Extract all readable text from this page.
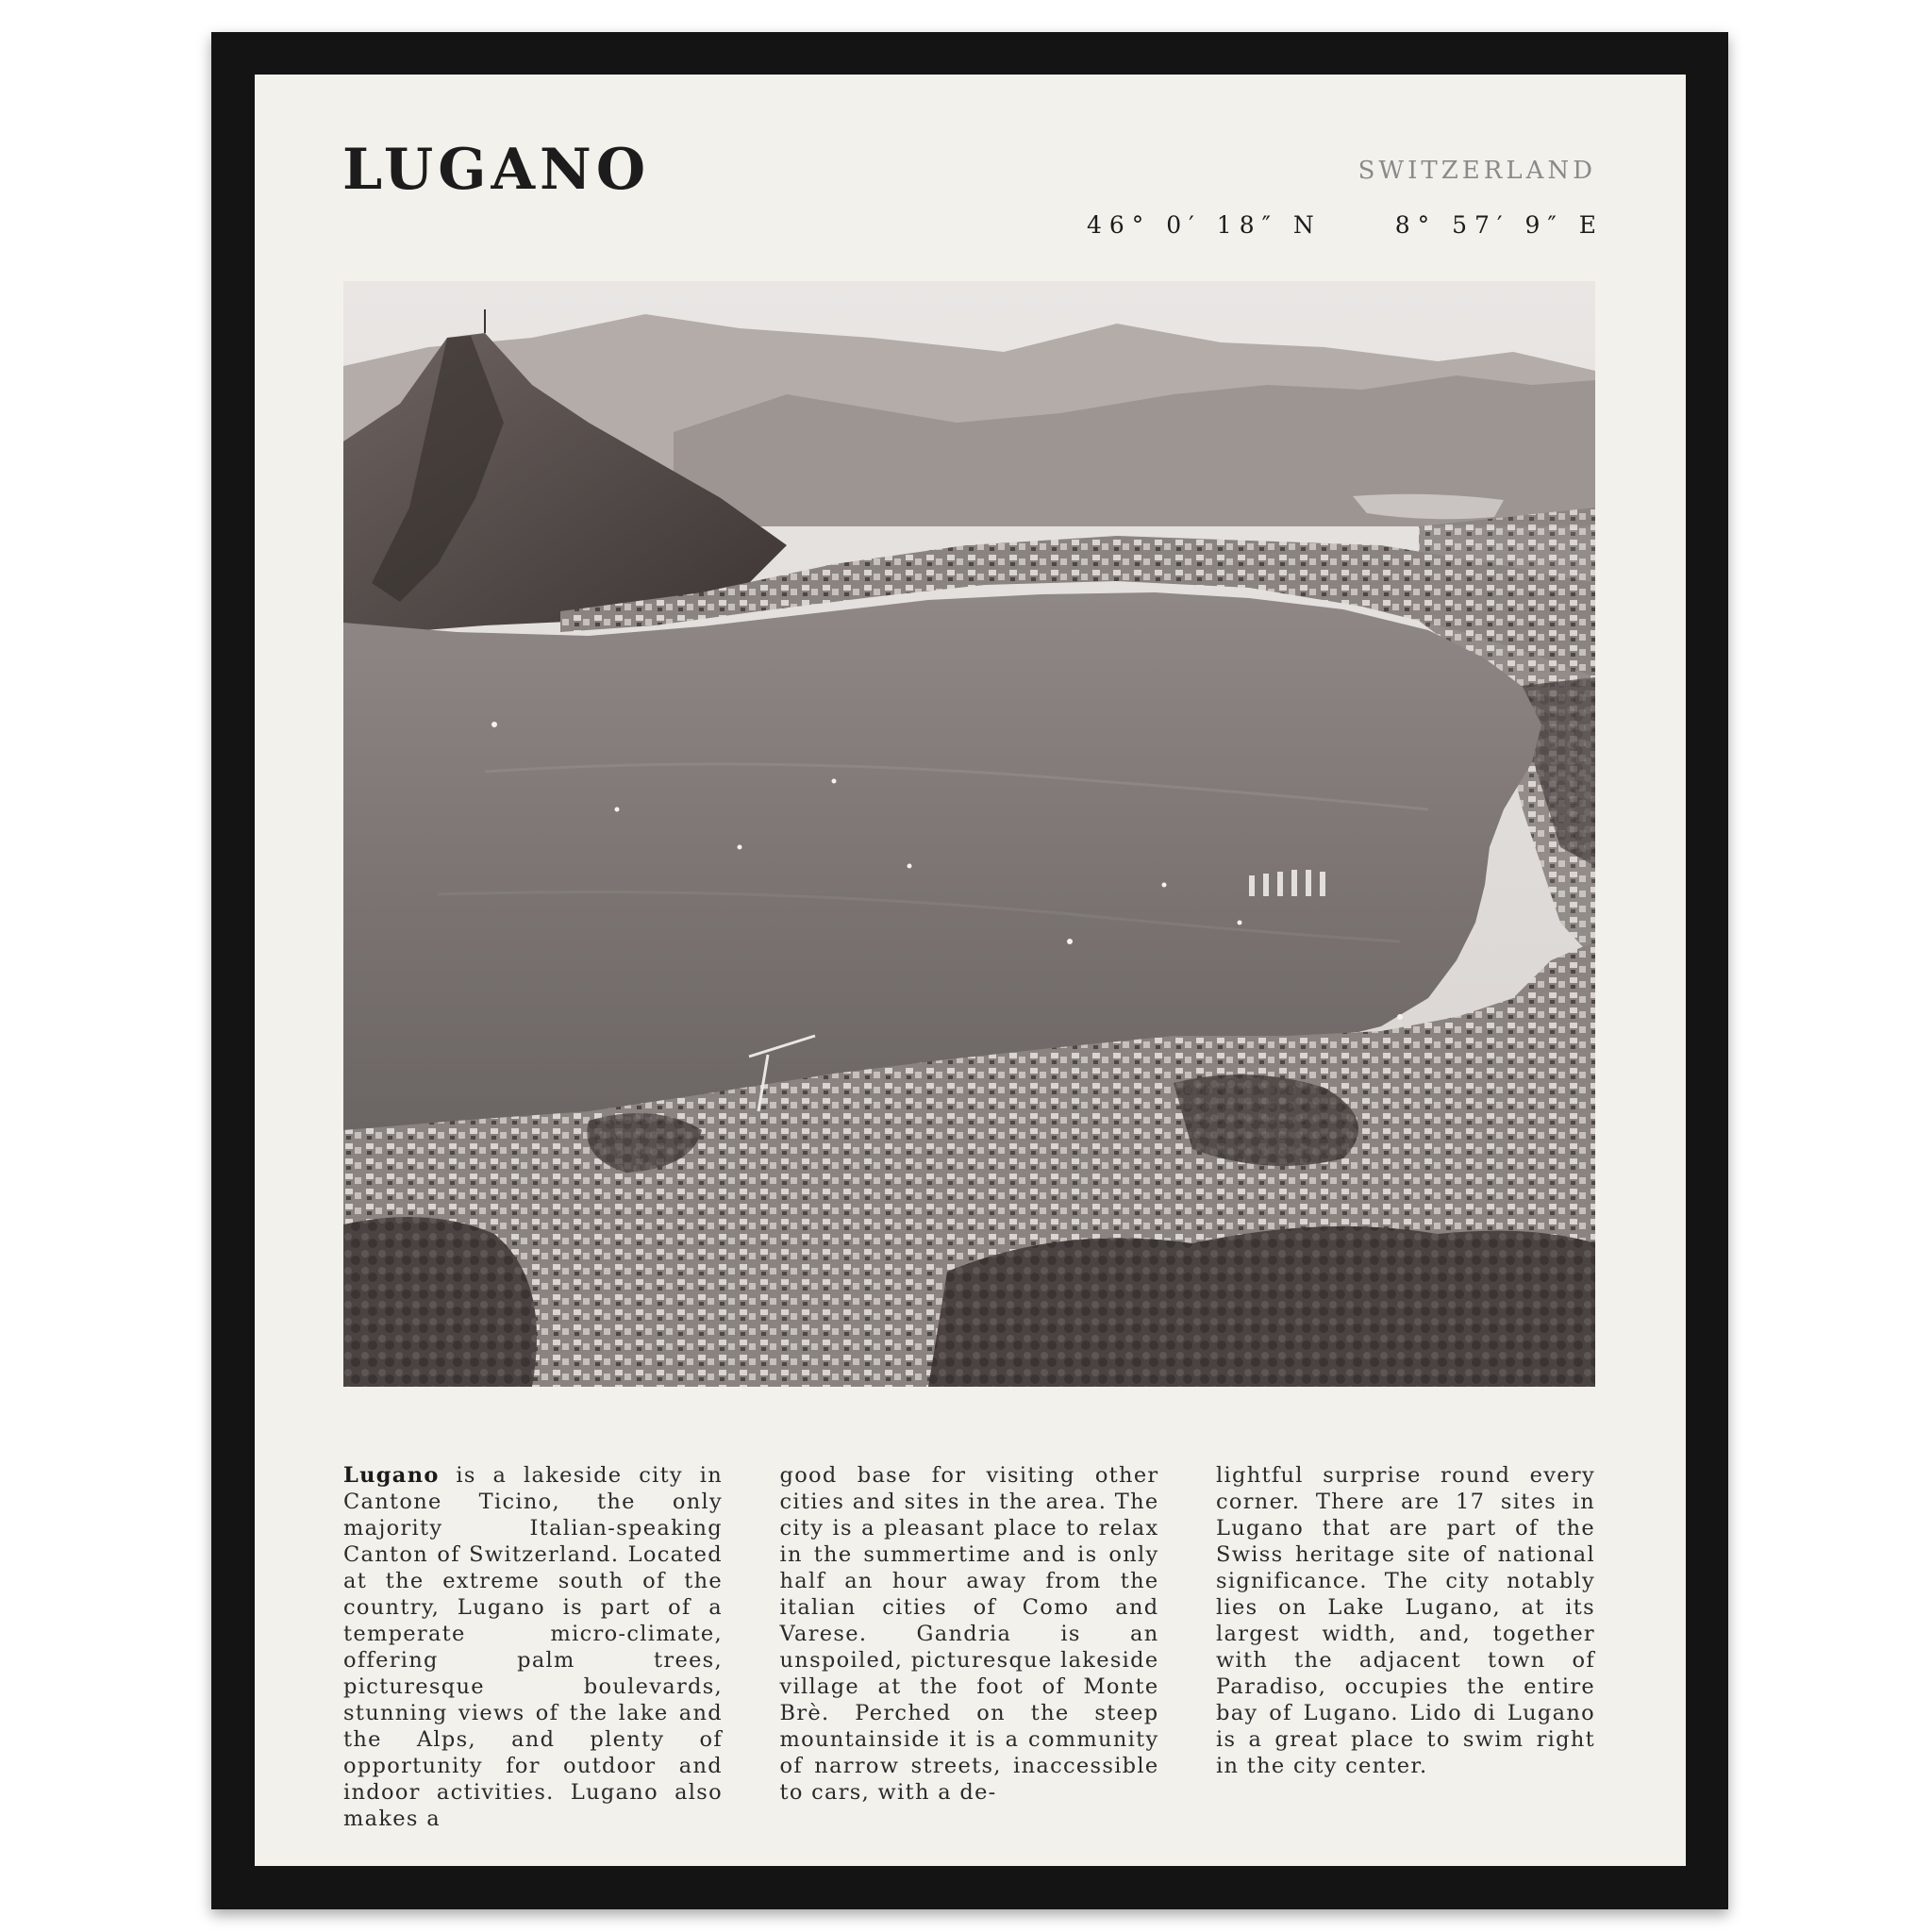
LUGANO	SWITZERLAND
46° 0′ 18″ N	8° 57′ 9″ E
Lugano is a lakeside city in Cantone Ticino, the only majority Italian-speaking Canton of Switzerland. Located at the extreme south of the country, Lugano is part of a temperate micro-climate, offering palm trees, picturesque boulevards, stunning views of the lake and the Alps, and plenty of opportunity for outdoor and indoor activities. Lugano also makes a
good base for visiting other cities and sites in the area. The city is a pleasant place to relax in the summertime and is only half an hour away from the italian cities of Como and Varese. Gandria is an unspoiled, picturesque lakeside village at the foot of Monte Brè. Perched on the steep mountainside it is a community of narrow streets, inaccessible to cars, with a de-
lightful surprise round every corner. There are 17 sites in Lugano that are part of the Swiss heritage site of national significance. The city notably lies on Lake Lugano, at its largest width, and, together with the adjacent town of Paradiso, occupies the entire bay of Lugano. Lido di Lugano is a great place to swim right in the city center.
